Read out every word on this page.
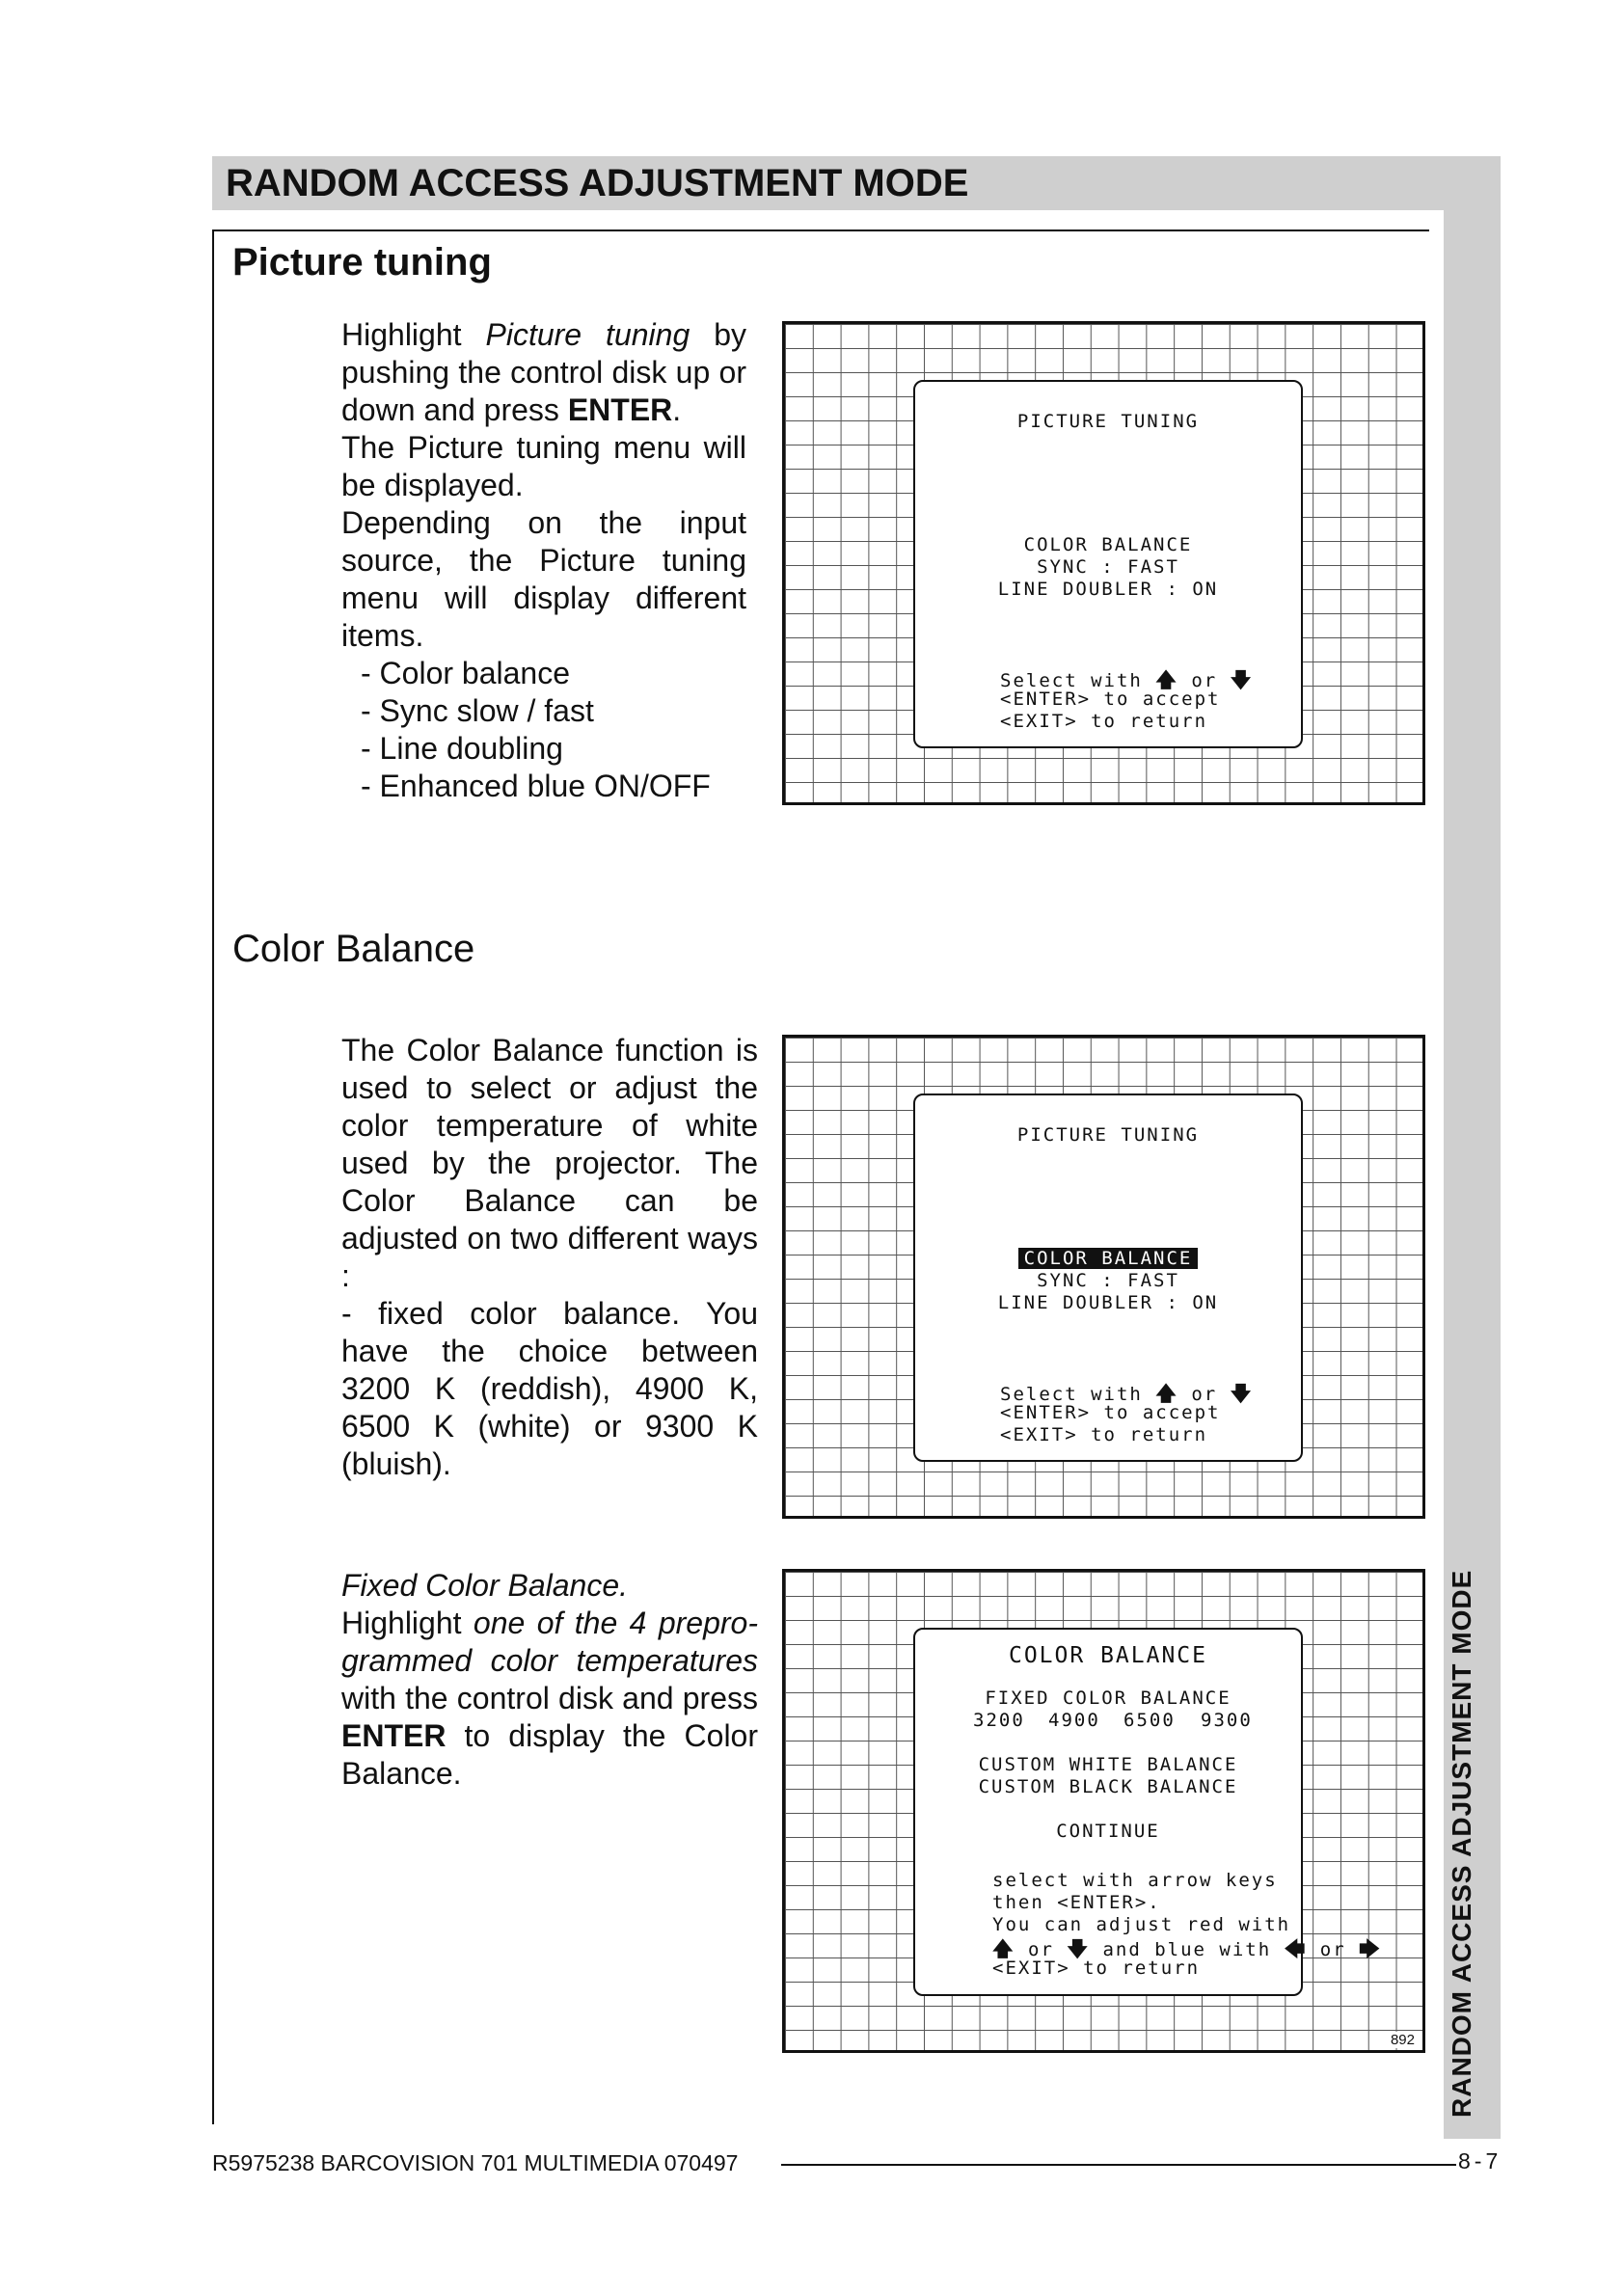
RANDOM ACCESS ADJUSTMENT MODE
RANDOM ACCESS ADJUSTMENT MODE
Picture tuning

Highlight Picture tuning by pushing the control disk up or down and press ENTER.

The Picture tuning menu will be displayed.

Depending on the input source, the Picture tuning menu will display different items.

- Color balance

- Sync slow / fast

- Line doubling

- Enhanced blue ON/OFF

PICTURE TUNING
COLOR BALANCE
SYNC : FAST
LINE DOUBLER : ON
Select with 🡅 or 🡇
<ENTER> to accept
<EXIT> to return
Color Balance

The Color Balance function is used to select or adjust the color temperature of white used by the projector. The Color Balance can be adjusted on two different ways :

- fixed color balance. You have the choice between 3200 K (reddish), 4900 K, 6500 K (white) or 9300 K (bluish).

PICTURE TUNING
COLOR BALANCE
SYNC : FAST
LINE DOUBLER : ON
Select with 🡅 or 🡇
<ENTER> to accept
<EXIT> to return

Fixed Color Balance.

Highlight one of the 4 prepro-grammed color temperatures with the control disk and press ENTER to display the Color Balance.

COLOR BALANCE
FIXED COLOR BALANCE
3200 4900 6500 9300
CUSTOM WHITE BALANCE
CUSTOM BLACK BALANCE
CONTINUE
select with arrow keys
then <ENTER>.
You can adjust red with
🡅 or 🡇 and blue with 🡄 or 🡆
<EXIT> to return
892
R5975238 BARCOVISION 701 MULTIMEDIA 070497	8-7
